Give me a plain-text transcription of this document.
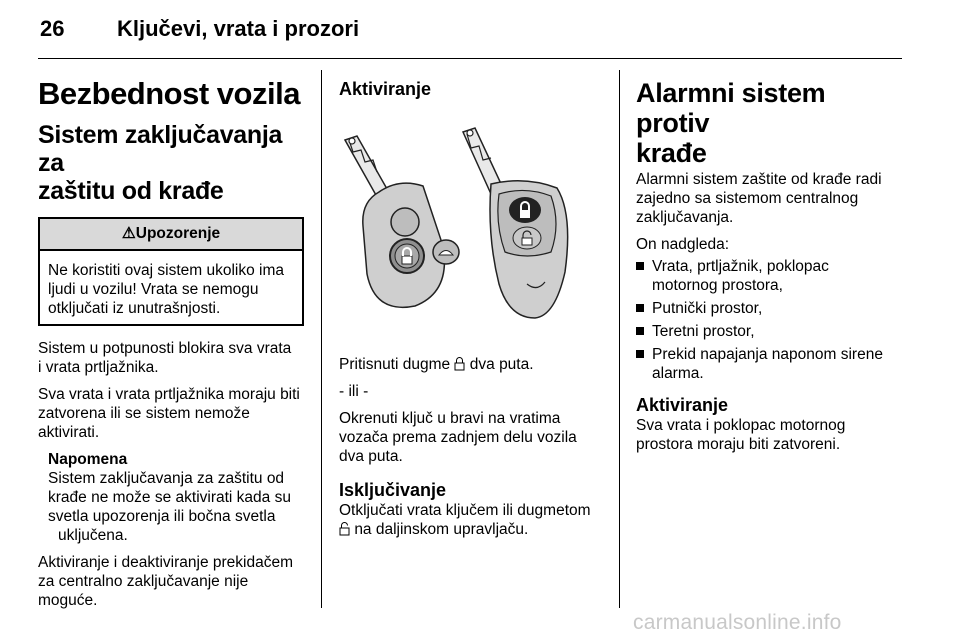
26 Ključevi, vrata i prozori
Bezbednost vozila
Sistem zaključavanja za
zaštitu od krađe
⚠Upozorenje
Ne koristiti ovaj sistem ukoliko ima
ljudi u vozilu! Vrata se nemogu
otključati iz unutrašnjosti.

Sistem u potpunosti blokira sva vrata

i vrata prtljažnika.

Sva vrata i vrata prtljažnika moraju biti

zatvorena ili se sistem nemože

aktivirati.

Napomena

Sistem zaključavanja za zaštitu od

krađe ne može se aktivirati kada su

svetla upozorenja ili bočna svetla

uključena.

Aktiviranje i deaktiviranje prekidačem

za centralno zaključavanje nije

moguće.

Aktiviranje

Pritisnuti dugme dva puta.

- ili -

Okrenuti ključ u bravi na vratima

vozača prema zadnjem delu vozila

dva puta.

Isključivanje

Otključati vrata ključem ili dugmetom

na daljinskom upravljaču.

Alarmni sistem protiv
krađe

Alarmni sistem zaštite od krađe radi

zajedno sa sistemom centralnog

zaključavanja.

On nadgleda:

Vrata, prtljažnik, poklopac
motornog prostora,
Putnički prostor,
Teretni prostor,
Prekid napajanja naponom sirene
alarma.
Aktiviranje

Sva vrata i poklopac motornog

prostora moraju biti zatvoreni.

carmanualsonline.info
